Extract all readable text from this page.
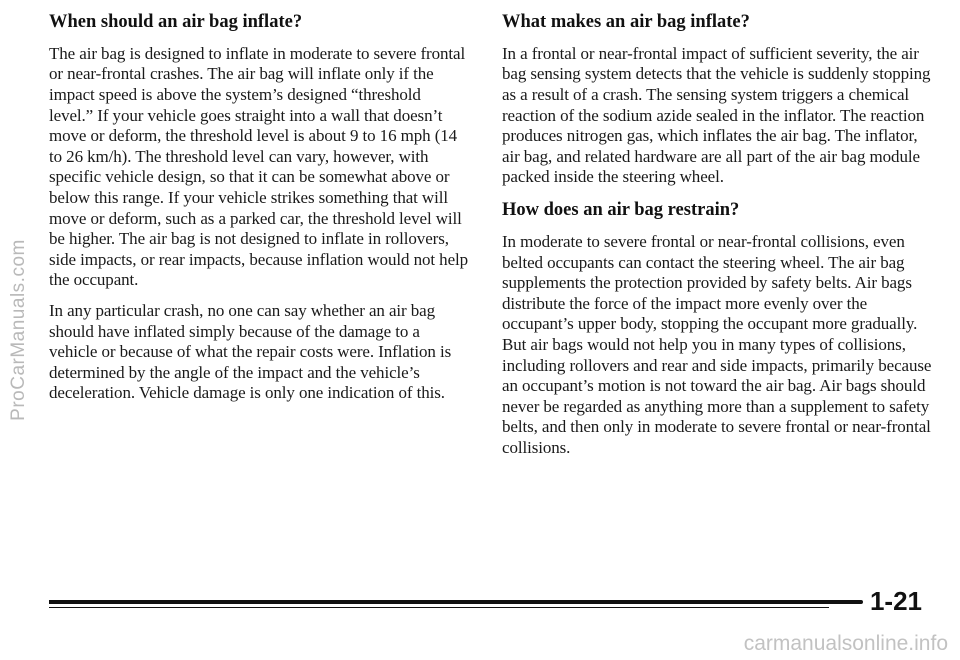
ProCarManuals.com
When should an air bag inflate?

The air bag is designed to inflate in moderate to severe frontal or near-frontal crashes. The air bag will inflate only if the impact speed is above the system’s designed “threshold level.” If your vehicle goes straight into a wall that doesn’t move or deform, the threshold level is about 9 to 16 mph (14 to 26 km/h). The threshold level can vary, however, with specific vehicle design, so that it can be somewhat above or below this range. If your vehicle strikes something that will move or deform, such as a parked car, the threshold level will be higher. The air bag is not designed to inflate in rollovers, side impacts, or rear impacts, because inflation would not help the occupant.

In any particular crash, no one can say whether an air bag should have inflated simply because of the damage to a vehicle or because of what the repair costs were. Inflation is determined by the angle of the impact and the vehicle’s deceleration. Vehicle damage is only one indication of this.

What makes an air bag inflate?

In a frontal or near-frontal impact of sufficient severity, the air bag sensing system detects that the vehicle is suddenly stopping as a result of a crash. The sensing system triggers a chemical reaction of the sodium azide sealed in the inflator. The reaction produces nitrogen gas, which inflates the air bag. The inflator, air bag, and related hardware are all part of the air bag module packed inside the steering wheel.

How does an air bag restrain?

In moderate to severe frontal or near-frontal collisions, even belted occupants can contact the steering wheel. The air bag supplements the protection provided by safety belts. Air bags distribute the force of the impact more evenly over the occupant’s upper body, stopping the occupant more gradually. But air bags would not help you in many types of collisions, including rollovers and rear and side impacts, primarily because an occupant’s motion is not toward the air bag. Air bags should never be regarded as anything more than a supplement to safety belts, and then only in moderate to severe frontal or near-frontal collisions.

1-21
carmanualsonline.info
